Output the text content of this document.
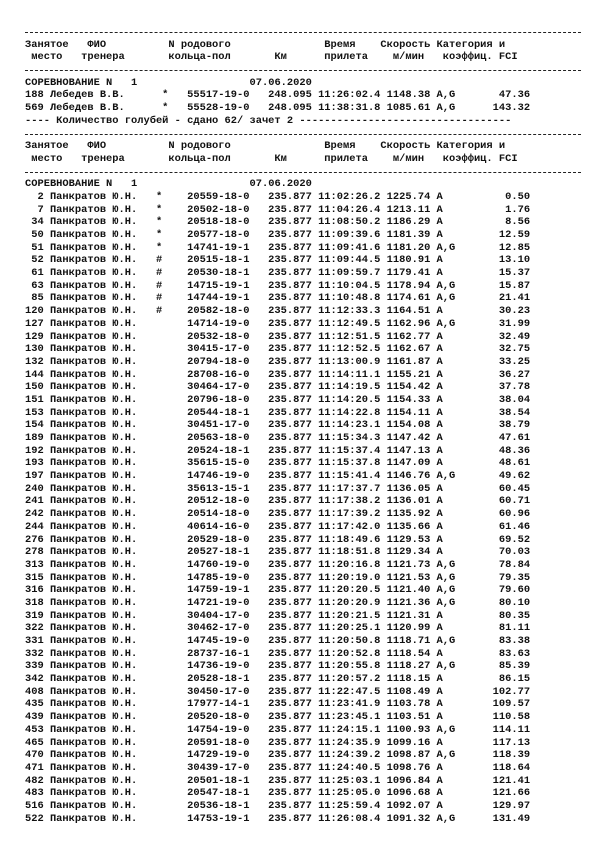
Занятое   ФИО          N родового               Время    Скорость Категория и
место   тренера       кольца-пол       Км      прилета    м/мин   коэффиц. FCI
СОРЕВНОВАНИЕ N   1	07.06.2020
188 Лебедев В.В.      *   55517-19-0   248.095 11:26:02.4 1148.38 A,G       47.36
569 Лебедев В.В.      *   55528-19-0   248.095 11:38:31.8 1085.61 A,G      143.32
---- Количество голубей - сдано 62/ зачет 2 ----------------------------------
Занятое   ФИО          N родового               Время    Скорость Категория и
место   тренера       кольца-пол       Км      прилета    м/мин   коэффиц. FCI
СОРЕВНОВАНИЕ N   1	07.06.2020
2 Панкратов Ю.Н.   *    20559-18-0   235.877 11:02:26.2 1225.74 A          0.50
7 Панкратов Ю.Н.   *    20502-18-0   235.877 11:04:26.4 1213.11 A          1.76
34 Панкратов Ю.Н.   *    20518-18-0   235.877 11:08:50.2 1186.29 A          8.56
50 Панкратов Ю.Н.   *    20577-18-0   235.877 11:09:39.6 1181.39 A         12.59
51 Панкратов Ю.Н.   *    14741-19-1   235.877 11:09:41.6 1181.20 A,G       12.85
52 Панкратов Ю.Н.   #    20515-18-1   235.877 11:09:44.5 1180.91 A         13.10
61 Панкратов Ю.Н.   #    20530-18-1   235.877 11:09:59.7 1179.41 A         15.37
63 Панкратов Ю.Н.   #    14715-19-1   235.877 11:10:04.5 1178.94 A,G       15.87
85 Панкратов Ю.Н.   #    14744-19-1   235.877 11:10:48.8 1174.61 A,G       21.41
120 Панкратов Ю.Н.   #    20582-18-0   235.877 11:12:33.3 1164.51 A         30.23
127 Панкратов Ю.Н.        14714-19-0   235.877 11:12:49.5 1162.96 A,G       31.99
129 Панкратов Ю.Н.        20532-18-0   235.877 11:12:51.5 1162.77 A         32.49
130 Панкратов Ю.Н.        30415-17-0   235.877 11:12:52.5 1162.67 A         32.75
132 Панкратов Ю.Н.        20794-18-0   235.877 11:13:00.9 1161.87 A         33.25
144 Панкратов Ю.Н.        28708-16-0   235.877 11:14:11.1 1155.21 A         36.27
150 Панкратов Ю.Н.        30464-17-0   235.877 11:14:19.5 1154.42 A         37.78
151 Панкратов Ю.Н.        20796-18-0   235.877 11:14:20.5 1154.33 A         38.04
153 Панкратов Ю.Н.        20544-18-1   235.877 11:14:22.8 1154.11 A         38.54
154 Панкратов Ю.Н.        30451-17-0   235.877 11:14:23.1 1154.08 A         38.79
189 Панкратов Ю.Н.        20563-18-0   235.877 11:15:34.3 1147.42 A         47.61
192 Панкратов Ю.Н.        20524-18-1   235.877 11:15:37.4 1147.13 A         48.36
193 Панкратов Ю.Н.        35615-15-0   235.877 11:15:37.8 1147.09 A         48.61
197 Панкратов Ю.Н.        14746-19-0   235.877 11:15:41.4 1146.76 A,G       49.62
240 Панкратов Ю.Н.        35613-15-1   235.877 11:17:37.7 1136.05 A         60.45
241 Панкратов Ю.Н.        20512-18-0   235.877 11:17:38.2 1136.01 A         60.71
242 Панкратов Ю.Н.        20514-18-0   235.877 11:17:39.2 1135.92 A         60.96
244 Панкратов Ю.Н.        40614-16-0   235.877 11:17:42.0 1135.66 A         61.46
276 Панкратов Ю.Н.        20529-18-0   235.877 11:18:49.6 1129.53 A         69.52
278 Панкратов Ю.Н.        20527-18-1   235.877 11:18:51.8 1129.34 A         70.03
313 Панкратов Ю.Н.        14760-19-0   235.877 11:20:16.8 1121.73 A,G       78.84
315 Панкратов Ю.Н.        14785-19-0   235.877 11:20:19.0 1121.53 A,G       79.35
316 Панкратов Ю.Н.        14759-19-1   235.877 11:20:20.5 1121.40 A,G       79.60
318 Панкратов Ю.Н.        14721-19-0   235.877 11:20:20.9 1121.36 A,G       80.10
319 Панкратов Ю.Н.        30404-17-0   235.877 11:20:21.5 1121.31 A         80.35
322 Панкратов Ю.Н.        30462-17-0   235.877 11:20:25.1 1120.99 A         81.11
331 Панкратов Ю.Н.        14745-19-0   235.877 11:20:50.8 1118.71 A,G       83.38
332 Панкратов Ю.Н.        28737-16-1   235.877 11:20:52.8 1118.54 A         83.63
339 Панкратов Ю.Н.        14736-19-0   235.877 11:20:55.8 1118.27 A,G       85.39
342 Панкратов Ю.Н.        20528-18-1   235.877 11:20:57.2 1118.15 A         86.15
408 Панкратов Ю.Н.        30450-17-0   235.877 11:22:47.5 1108.49 A        102.77
435 Панкратов Ю.Н.        17977-14-1   235.877 11:23:41.9 1103.78 A        109.57
439 Панкратов Ю.Н.        20520-18-0   235.877 11:23:45.1 1103.51 A        110.58
453 Панкратов Ю.Н.        14754-19-0   235.877 11:24:15.1 1100.93 A,G      114.11
465 Панкратов Ю.Н.        20591-18-0   235.877 11:24:35.9 1099.16 A        117.13
470 Панкратов Ю.Н.        14729-19-0   235.877 11:24:39.2 1098.87 A,G      118.39
471 Панкратов Ю.Н.        30439-17-0   235.877 11:24:40.5 1098.76 A        118.64
482 Панкратов Ю.Н.        20501-18-1   235.877 11:25:03.1 1096.84 A        121.41
483 Панкратов Ю.Н.        20547-18-1   235.877 11:25:05.0 1096.68 A        121.66
516 Панкратов Ю.Н.        20536-18-1   235.877 11:25:59.4 1092.07 A        129.97
522 Панкратов Ю.Н.        14753-19-1   235.877 11:26:08.4 1091.32 A,G      131.49
